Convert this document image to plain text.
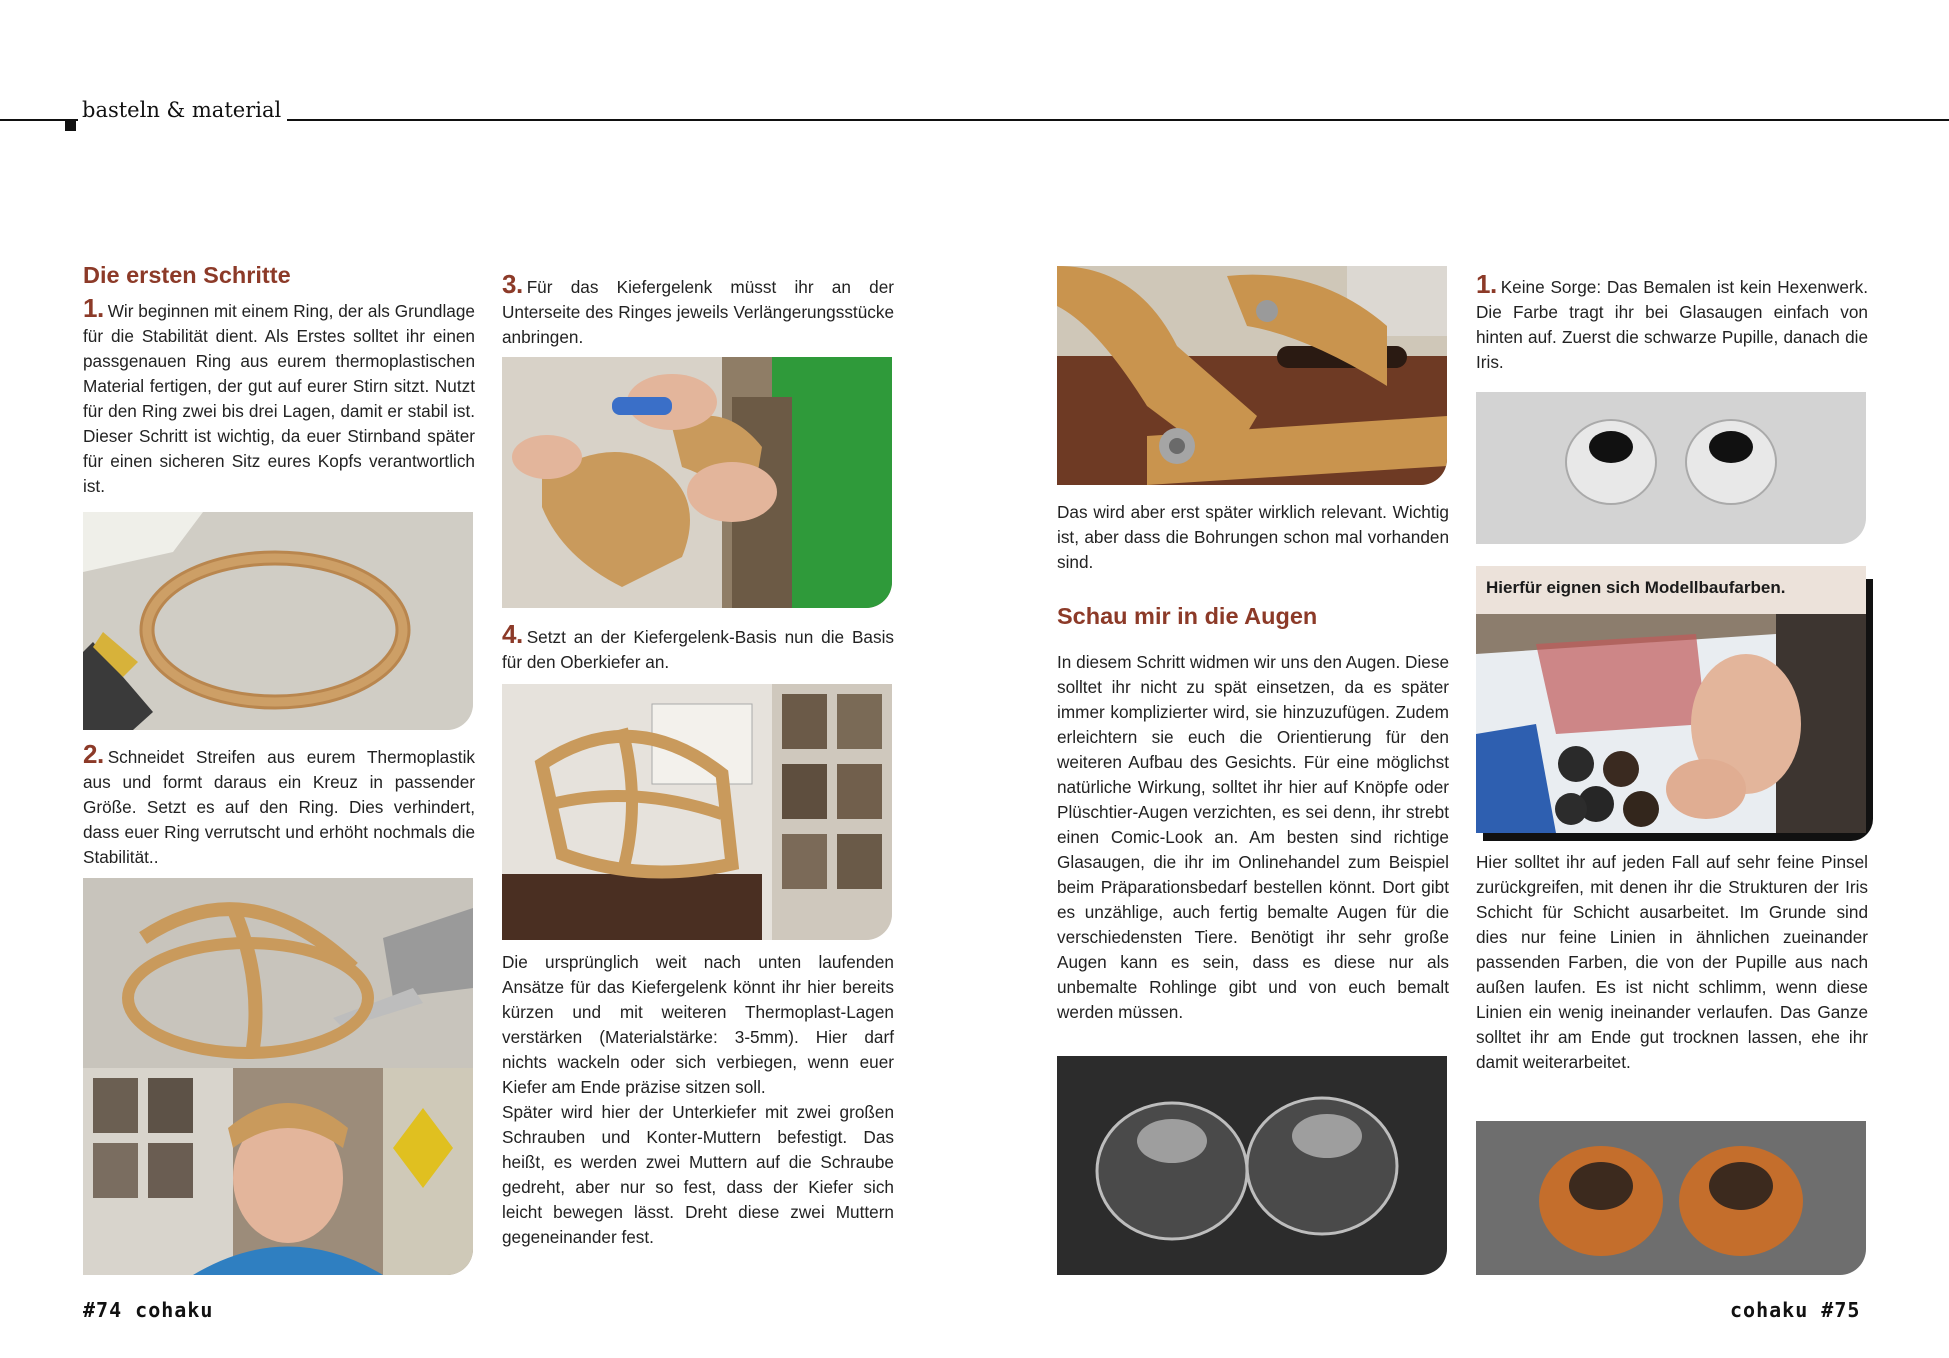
basteln & material
Die ersten Schritte

1. Wir beginnen mit einem Ring, der als Grundlage für die Stabilität dient. Als Erstes solltet ihr einen passgenauen Ring aus eurem thermoplastischen Material fertigen, der gut auf eurer Stirn sitzt. Nutzt für den Ring zwei bis drei Lagen, damit er stabil ist. Dieser Schritt ist wichtig, da euer Stirnband später für einen sicheren Sitz eures Kopfs verantwortlich ist.

2. Schneidet Streifen aus eurem Thermoplastik aus und formt daraus ein Kreuz in passender Größe. Setzt es auf den Ring. Dies verhindert, dass euer Ring verrutscht und erhöht nochmals die Stabilität..

3. Für das Kiefergelenk müsst ihr an der Unterseite des Ringes jeweils Verlängerungsstücke anbringen.

4. Setzt an der Kiefergelenk-Basis nun die Basis für den Oberkiefer an.

Die ursprünglich weit nach unten laufenden Ansätze für das Kiefergelenk könnt ihr hier bereits kürzen und mit weiteren Thermoplast-Lagen verstärken (Materialstärke: 3-5mm). Hier darf nichts wackeln oder sich verbiegen, wenn euer Kiefer am Ende präzise sitzen soll.

Später wird hier der Unterkiefer mit zwei großen Schrauben und Konter-Muttern befestigt. Das heißt, es werden zwei Muttern auf die Schraube gedreht, aber nur so fest, dass der Kiefer sich leicht bewegen lässt. Dreht diese zwei Muttern gegeneinander fest.

#74 cohaku
Das wird aber erst später wirklich relevant. Wichtig ist, aber dass die Bohrungen schon mal vorhanden sind.
Schau mir in die Augen
In diesem Schritt widmen wir uns den Augen. Diese solltet ihr nicht zu spät einsetzen, da es später immer komplizierter wird, sie hinzuzufügen. Zudem erleichtern sie euch die Orientierung für den weiteren Aufbau des Gesichts. Für eine möglichst natürliche Wirkung, solltet ihr hier auf Knöpfe oder Plüschtier-Augen verzichten, es sei denn, ihr strebt einen Comic-Look an. Am besten sind richtige Glasaugen, die ihr im Onlinehandel zum Beispiel beim Präparationsbedarf bestellen könnt. Dort gibt es unzählige, auch fertig bemalte Augen für die verschiedensten Tiere. Benötigt ihr sehr große Augen kann es sein, dass es diese nur als unbemalte Rohlinge gibt und von euch bemalt werden müssen.

1. Keine Sorge: Das Bemalen ist kein Hexenwerk. Die Farbe tragt ihr bei Glasaugen einfach von hinten auf. Zuerst die schwarze Pupille, danach die Iris.

Hierfür eignen sich Modellbaufarben.
Hier solltet ihr auf jeden Fall auf sehr feine Pinsel zurückgreifen, mit denen ihr die Strukturen der Iris Schicht für Schicht ausarbeitet. Im Grunde sind dies nur feine Linien in ähnlichen zueinander passenden Farben, die von der Pupille aus nach außen laufen. Es ist nicht schlimm, wenn diese Linien ein wenig ineinander verlaufen. Das Ganze solltet ihr am Ende gut trocknen lassen, ehe ihr damit weiterarbeitet.
cohaku #75
